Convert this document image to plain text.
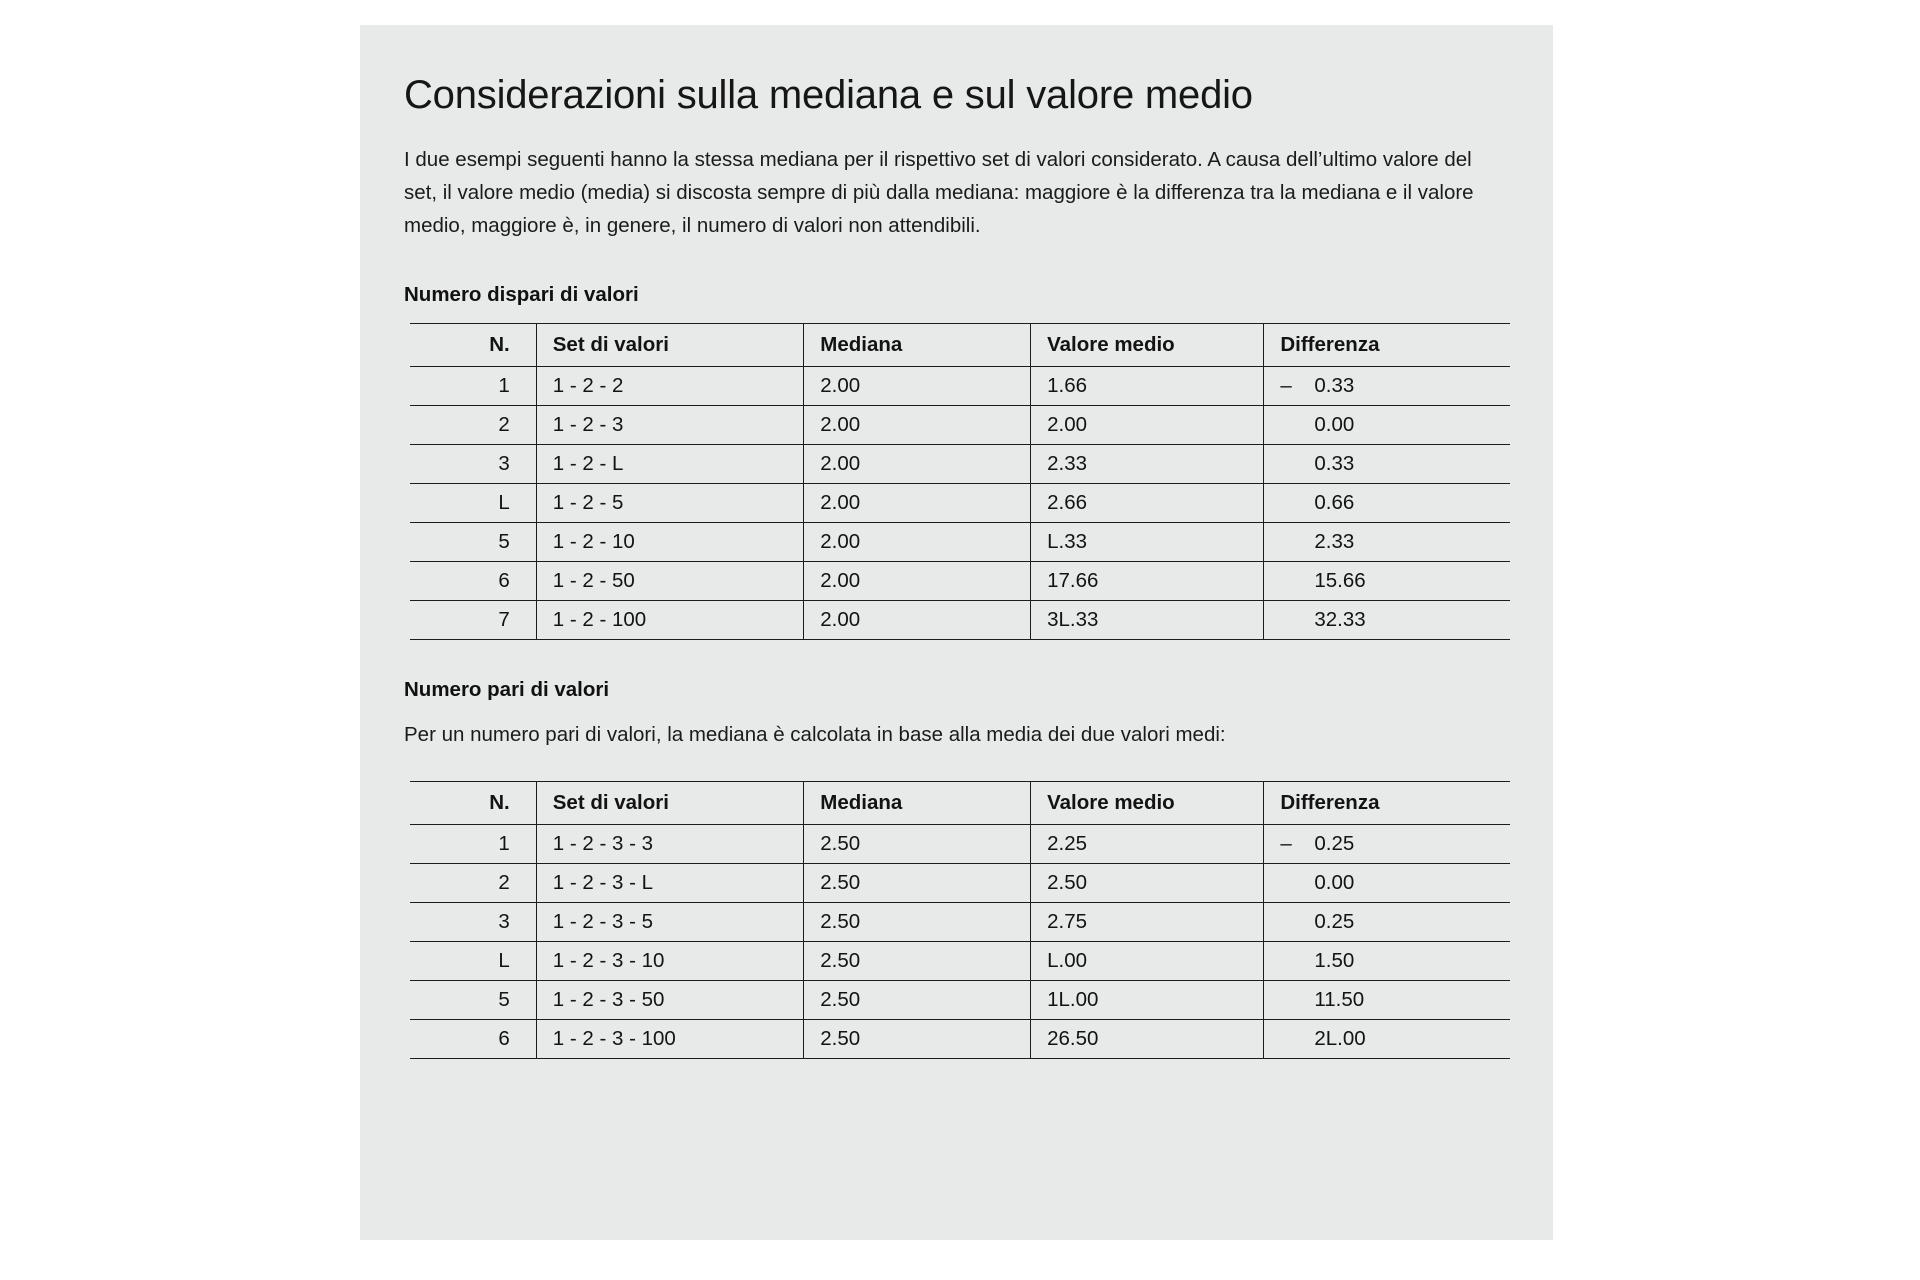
Considerazioni sulla mediana e sul valore medio

I due esempi seguenti hanno la stessa mediana per il rispettivo set di valori considerato. A causa dell’ultimo valore del set, il valore medio (media) si discosta sempre di più dalla mediana: maggiore è la differenza tra la mediana e il valore medio, maggiore è, in genere, il numero di valori non attendibili.

Numero dispari di valori
N.	Set di valori	Mediana	Valore medio	Differenza
1	1 - 2 - 2	2.00	1.66	– 0.33

2	1 - 2 - 3	2.00	2.00	0.00

3	1 - 2 - L	2.00	2.33	0.33

L	1 - 2 - 5	2.00	2.66	0.66

5	1 - 2 - 10	2.00	L.33	2.33

6	1 - 2 - 50	2.00	17.66	15.66

7	1 - 2 - 100	2.00	3L.33	32.33
Numero pari di valori

Per un numero pari di valori, la mediana è calcolata in base alla media dei due valori medi:

N.	Set di valori	Mediana	Valore medio	Differenza
1	1 - 2 - 3 - 3	2.50	2.25	– 0.25

2	1 - 2 - 3 - L	2.50	2.50	0.00

3	1 - 2 - 3 - 5	2.50	2.75	0.25

L	1 - 2 - 3 - 10	2.50	L.00	1.50

5	1 - 2 - 3 - 50	2.50	1L.00	11.50

6	1 - 2 - 3 - 100	2.50	26.50	2L.00
